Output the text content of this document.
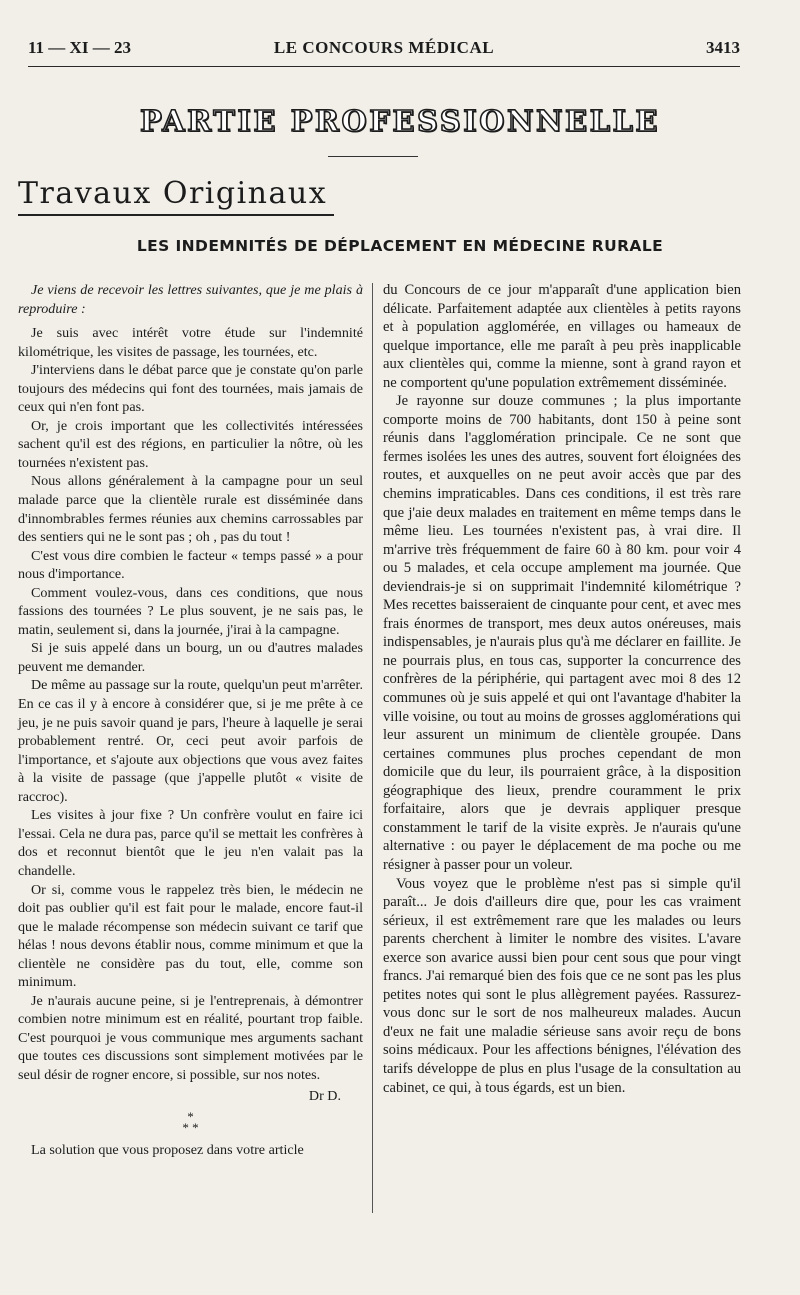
11 — XI — 23	LE CONCOURS MÉDICAL	3413
PARTIE PROFESSIONNELLE
Travaux Originaux
LES INDEMNITÉS DE DÉPLACEMENT EN MÉDECINE RURALE

Je viens de recevoir les lettres suivantes, que je me plais à reproduire :

Je suis avec intérêt votre étude sur l'indemnité kilométrique, les visites de passage, les tournées, etc.

J'interviens dans le débat parce que je constate qu'on parle toujours des médecins qui font des tournées, mais jamais de ceux qui n'en font pas.

Or, je crois important que les collectivités intéressées sachent qu'il est des régions, en particulier la nôtre, où les tournées n'existent pas.

Nous allons généralement à la campagne pour un seul malade parce que la clientèle rurale est disséminée dans d'innombrables fermes réunies aux chemins carrossables par des sentiers qui ne le sont pas ; oh , pas du tout !

C'est vous dire combien le facteur « temps passé » a pour nous d'importance.

Comment voulez-vous, dans ces conditions, que nous fassions des tournées ? Le plus souvent, je ne sais pas, le matin, seulement si, dans la journée, j'irai à la campagne.

Si je suis appelé dans un bourg, un ou d'autres malades peuvent me demander.

De même au passage sur la route, quelqu'un peut m'arrêter. En ce cas il y à encore à considérer que, si je me prête à ce jeu, je ne puis savoir quand je pars, l'heure à laquelle je serai probablement rentré. Or, ceci peut avoir parfois de l'importance, et s'ajoute aux objections que vous avez faites à la visite de passage (que j'appelle plutôt « visite de raccroc).

Les visites à jour fixe ? Un confrère voulut en faire ici l'essai. Cela ne dura pas, parce qu'il se mettait les confrères à dos et reconnut bientôt que le jeu n'en valait pas la chandelle.

Or si, comme vous le rappelez très bien, le médecin ne doit pas oublier qu'il est fait pour le malade, encore faut-il que le malade récompense son médecin suivant ce tarif que hélas ! nous devons établir nous, comme minimum et que la clientèle ne considère pas du tout, elle, comme son minimum.

Je n'aurais aucune peine, si je l'entreprenais, à démontrer combien notre minimum est en réalité, pourtant trop faible. C'est pourquoi je vous communique mes arguments sachant que toutes ces discussions sont simplement motivées par le seul désir de rogner encore, si possible, sur nos notes.

Dr D.
*
* *

La solution que vous proposez dans votre article

du Concours de ce jour m'apparaît d'une application bien délicate. Parfaitement adaptée aux clientèles à petits rayons et à population agglomérée, en villages ou hameaux de quelque importance, elle me paraît à peu près inapplicable aux clientèles qui, comme la mienne, sont à grand rayon et ne comportent qu'une population extrêmement disséminée.

Je rayonne sur douze communes ; la plus importante comporte moins de 700 habitants, dont 150 à peine sont réunis dans l'agglomération principale. Ce ne sont que fermes isolées les unes des autres, souvent fort éloignées des routes, et auxquelles on ne peut avoir accès que par des chemins impraticables. Dans ces conditions, il est très rare que j'aie deux malades en traitement en même temps dans le même lieu. Les tournées n'existent pas, à vrai dire. Il m'arrive très fréquemment de faire 60 à 80 km. pour voir 4 ou 5 malades, et cela occupe amplement ma journée. Que deviendrais-je si on supprimait l'indemnité kilométrique ? Mes recettes baisseraient de cinquante pour cent, et avec mes frais énormes de transport, mes deux autos onéreuses, mais indispensables, je n'aurais plus qu'à me déclarer en faillite. Je ne pourrais plus, en tous cas, supporter la concurrence des confrères de la périphérie, qui partagent avec moi 8 des 12 communes où je suis appelé et qui ont l'avantage d'habiter la ville voisine, ou tout au moins de grosses agglomérations qui leur assurent un minimum de clientèle groupée. Dans certaines communes plus proches cependant de mon domicile que du leur, ils pourraient grâce, à la disposition géographique des lieux, prendre couramment le prix forfaitaire, alors que je devrais appliquer presque constamment le tarif de la visite exprès. Je n'aurais qu'une alternative : ou payer le déplacement de ma poche ou me résigner à passer pour un voleur.

Vous voyez que le problème n'est pas si simple qu'il paraît... Je dois d'ailleurs dire que, pour les cas vraiment sérieux, il est extrêmement rare que les malades ou leurs parents cherchent à limiter le nombre des visites. L'avare exerce son avarice aussi bien pour cent sous que pour vingt francs. J'ai remarqué bien des fois que ce ne sont pas les plus petites notes qui sont le plus allègrement payées. Rassurez-vous donc sur le sort de nos malheureux malades. Aucun d'eux ne fait une maladie sérieuse sans avoir reçu de bons soins médicaux. Pour les affections bénignes, l'élévation des tarifs développe de plus en plus l'usage de la consultation au cabinet, ce qui, à tous égards, est un bien.
